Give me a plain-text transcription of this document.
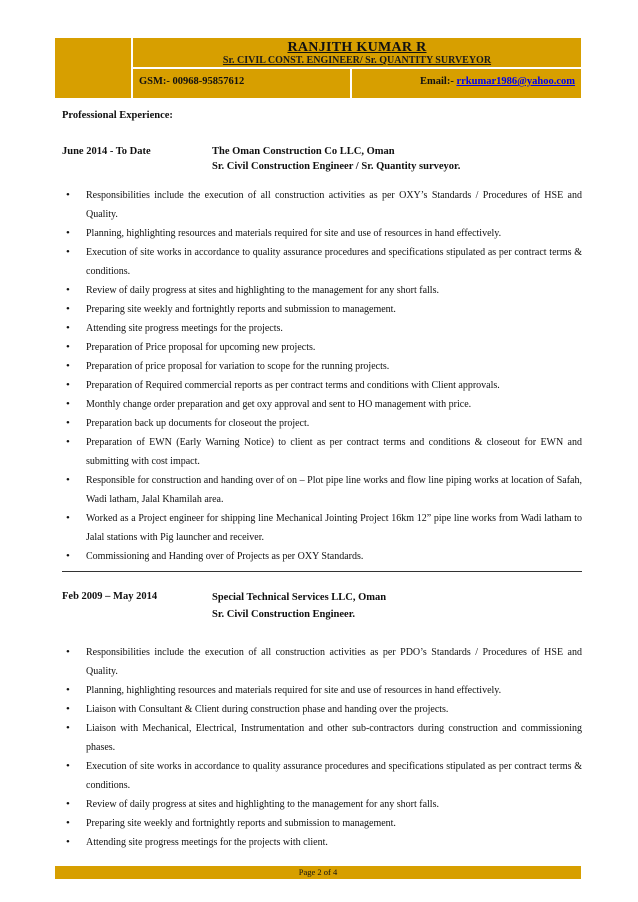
RANJITH KUMAR R
Sr. CIVIL CONST. ENGINEER/ Sr. QUANTITY SURVEYOR
GSM:- 00968-95857612	Email:- rrkumar1986@yahoo.com
Professional Experience:
June 2014 - To Date	The Oman Construction Co LLC, Oman
Sr. Civil Construction Engineer / Sr. Quantity surveyor.
• Responsibilities include the execution of all construction activities as per OXY’s Standards / Procedures of HSE and Quality.
• Planning, highlighting resources and materials required for site and use of resources in hand effectively.
• Execution of site works in accordance to quality assurance procedures and specifications stipulated as per contract terms & conditions.
• Review of daily progress at sites and highlighting to the management for any short falls.
• Preparing site weekly and fortnightly reports and submission to management.
• Attending site progress meetings for the projects.
• Preparation of Price proposal for upcoming new projects.
• Preparation of price proposal for variation to scope for the running projects.
• Preparation of Required commercial reports as per contract terms and conditions with Client approvals.
• Monthly change order preparation and get oxy approval and sent to HO management with price.
• Preparation back up documents for closeout the project.
• Preparation of EWN (Early Warning Notice) to client as per contract terms and conditions & closeout for EWN and submitting with cost impact.
• Responsible for construction and handing over of on – Plot pipe line works and flow line piping works at location of Safah, Wadi latham, Jalal Khamilah area.
• Worked as a Project engineer for shipping line Mechanical Jointing Project 16km 12” pipe line works from Wadi latham to Jalal stations with Pig launcher and receiver.
• Commissioning and Handing over of Projects as per OXY Standards.
Feb 2009 – May 2014	Special Technical Services LLC, Oman
Sr. Civil Construction Engineer.
• Responsibilities include the execution of all construction activities as per PDO’s Standards / Procedures of HSE and Quality.
• Planning, highlighting resources and materials required for site and use of resources in hand effectively.
• Liaison with Consultant & Client during construction phase and handing over the projects.
• Liaison with Mechanical, Electrical, Instrumentation and other sub-contractors during construction and commissioning phases.
• Execution of site works in accordance to quality assurance procedures and specifications stipulated as per contract terms & conditions.
• Review of daily progress at sites and highlighting to the management for any short falls.
• Preparing site weekly and fortnightly reports and submission to management.
• Attending site progress meetings for the projects with client.
Page 2 of 4
